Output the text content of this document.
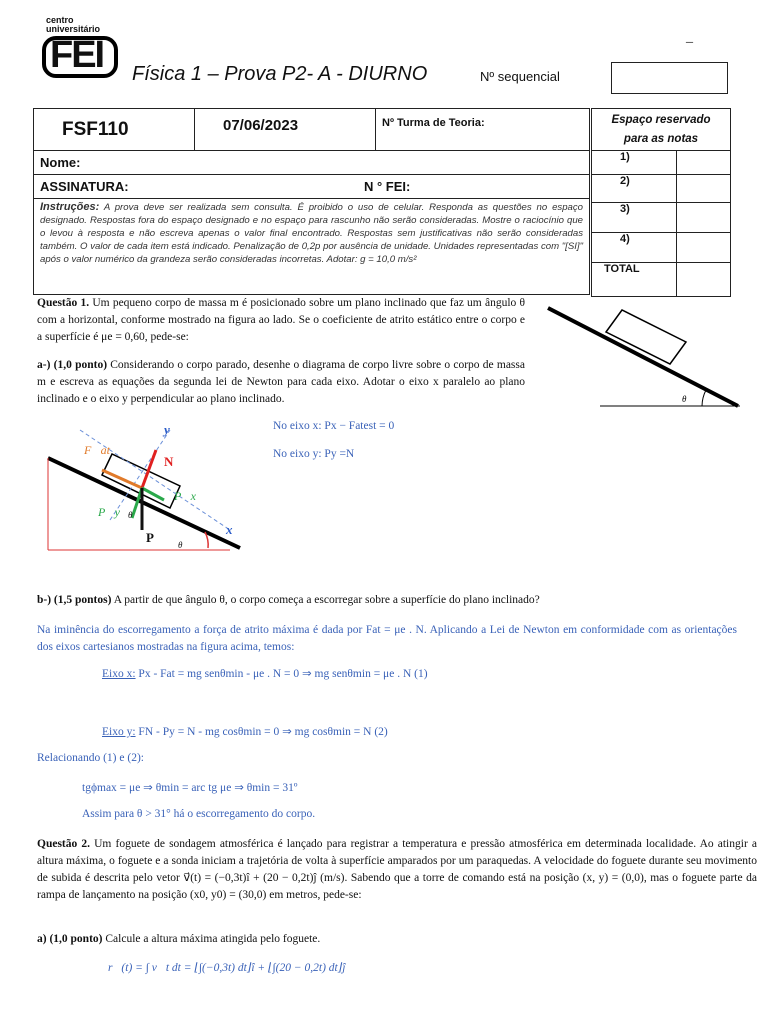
centro
universitário
FEI	_
Física 1 – Prova P2- A - DIURNO	Nº sequencial
FSF110	07/06/2023	Nº Turma de Teoria:
Nome:
ASSINATURA:	N ° FEI:

Instruções: A prova deve ser realizada sem consulta. É proibido o uso de celular. Responda as questões no espaço designado. Respostas fora do espaço designado e no espaço para rascunho não serão consideradas. Mostre o raciocínio que o levou à resposta e não escreva apenas o valor final encontrado. Respostas sem justificativas não serão consideradas também. O valor de cada item está indicado. Penalização de 0,2p por ausência de unidade. Unidades representadas com "[SI]" após o valor numérico da grandeza serão consideradas incorretas. Adotar: g = 10,0 m/s²
Espaço reservado para as notas	
1)	
2)	
3)	
4)	
TOTAL	

Questão 1. Um pequeno corpo de massa m é posicionado sobre um plano inclinado que faz um ângulo θ com a horizontal, conforme mostrado na figura ao lado. Se o coeficiente de atrito estático entre o corpo e a superfície é μe = 0,60, pede-se:

θ

a-) (1,0 ponto) Considerando o corpo parado, desenhe o diagrama de corpo livre sobre o corpo de massa m e escreva as equações da segunda lei de Newton para cada eixo. Adotar o eixo x paralelo ao plano inclinado e o eixo y perpendicular ao plano inclinado.

y
x
F⃗at
N⃗
P⃗x
P⃗y
P⃗
θ
θ

No eixo x: Px − Fatest = 0

No eixo y: Py =N

b-) (1,5 pontos) A partir de que ângulo θ, o corpo começa a escorregar sobre a superfície do plano inclinado?

Na iminência do escorregamento a força de atrito máxima é dada por Fat = μe . N. Aplicando a Lei de Newton em conformidade com as orientações dos eixos cartesianos mostradas na figura acima, temos:

Eixo x: Px - Fat = mg senθmin - μe . N = 0 ⇒ mg senθmin = μe . N (1)

Eixo y: FN - Py = N - mg cosθmin = 0 ⇒ mg cosθmin = N (2)

Relacionando (1) e (2):

tgϕmax = μe ⇒ θmin = arc tg μe ⇒ θmin = 31º

Assim para θ > 31° há o escorregamento do corpo.

Questão 2. Um foguete de sondagem atmosférica é lançado para registrar a temperatura e pressão atmosférica em determinada localidade. Ao atingir a altura máxima, o foguete e a sonda iniciam a trajetória de volta à superfície amparados por um paraquedas. A velocidade do foguete durante seu movimento de subida é descrita pelo vetor v⃗(t) = (−0,3t)î + (20 − 0,2t)ĵ (m/s). Sabendo que a torre de comando está na posição (x, y) = (0,0), mas o foguete parte da rampa de lançamento na posição (x0, y0) = (30,0) em metros, pede-se:

a) (1,0 ponto) Calcule a altura máxima atingida pelo foguete.

r⃗(t) = ∫ v⃗t dt = ⌊∫(−0,3t) dt⌋î + ⌊∫(20 − 0,2t) dt⌋ĵ
